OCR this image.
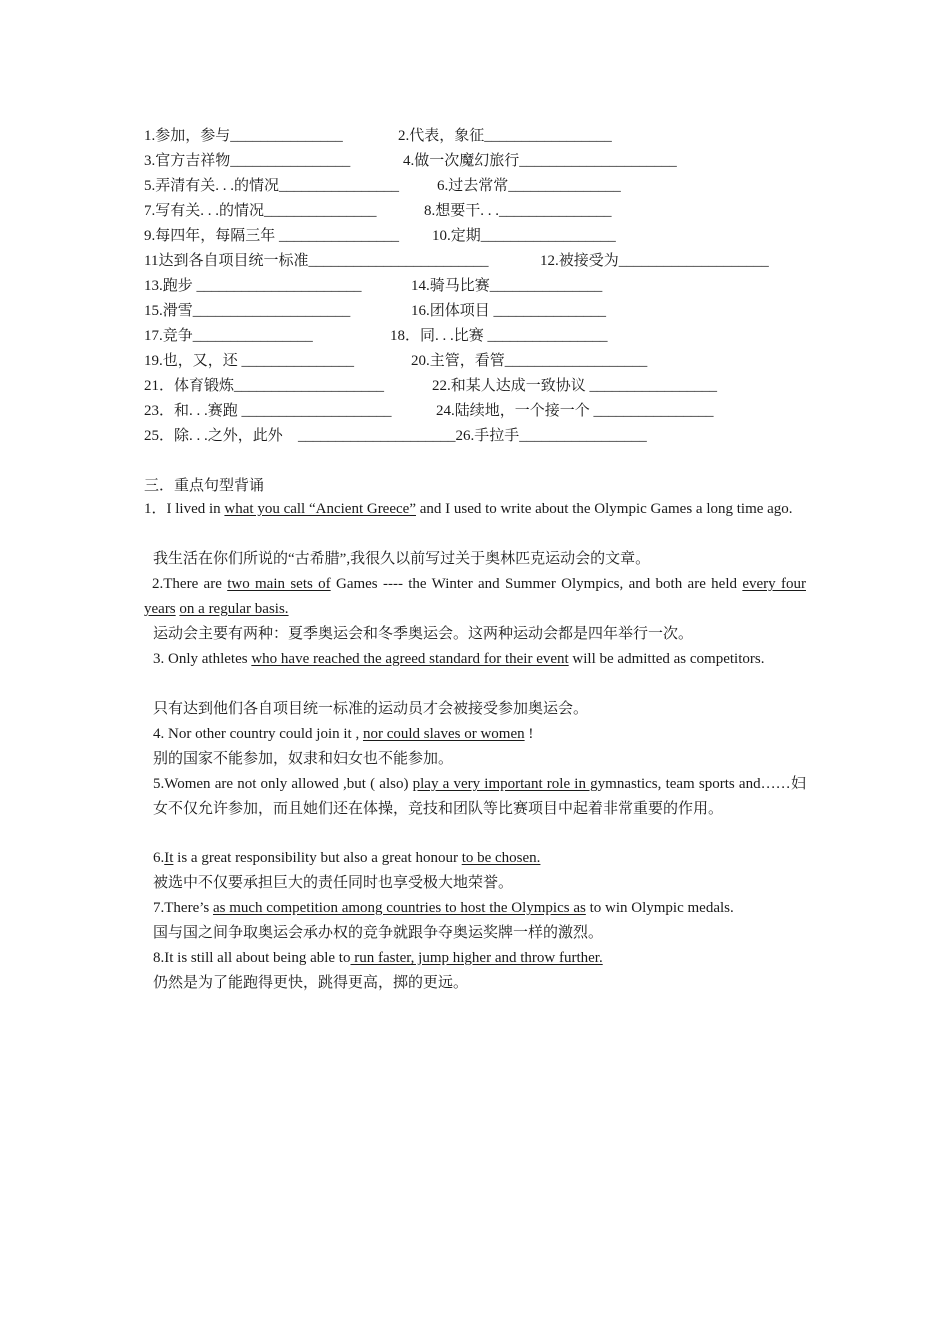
1.参加，参与_______________	2.代表，象征_________________
3.官方吉祥物________________	4.做一次魔幻旅行_____________________
5.弄清有关. . .的情况________________	6.过去常常_______________
7.写有关. . .的情况_______________	8.想要干. . ._______________
9.每四年，每隔三年 ________________ 10.定期__________________
11达到各自项目统一标准________________________	12.被接受为____________________
13.跑步 ______________________	14.骑马比赛_______________
15.滑雪_____________________	16.团体项目 _______________
17.竞争________________	18．同. . .比赛 ________________
19.也，又，还 _______________	20.主管，看管___________________
21．体育锻炼____________________	22.和某人达成一致协议 _________________
23．和. . .赛跑 ____________________	24.陆续地，一个接一个 ________________
25．除. . .之外，此外 _____________________26.手拉手_________________
三．重点句型背诵
1．I lived in what you call “Ancient Greece” and I used to write about the Olympic Games a long time ago.
我生活在你们所说的“古希腊”,我很久以前写过关于奥林匹克运动会的文章。
2.There are two main sets of Games ---- the Winter and Summer Olympics, and both are held every four years on a regular basis.
运动会主要有两种：夏季奥运会和冬季奥运会。这两种运动会都是四年举行一次。
3. Only athletes who have reached the agreed standard for their event will be admitted as competitors.
只有达到他们各自项目统一标准的运动员才会被接受参加奥运会。
4. Nor other country could join it , nor could slaves or women !
别的国家不能参加，奴隶和妇女也不能参加。
5.Women are not only allowed ,but ( also) play a very important role in gymnastics, team sports and……妇女不仅允许参加，而且她们还在体操，竞技和团队等比赛项目中起着非常重要的作用。
6.It is a great responsibility but also a great honour to be chosen.
被选中不仅要承担巨大的责任同时也享受极大地荣誉。
7.There’s as much competition among countries to host the Olympics as to win Olympic medals.
国与国之间争取奥运会承办权的竞争就跟争夺奥运奖牌一样的激烈。
8.It is still all about being able to run faster, jump higher and throw further.
仍然是为了能跑得更快，跳得更高，掷的更远。
